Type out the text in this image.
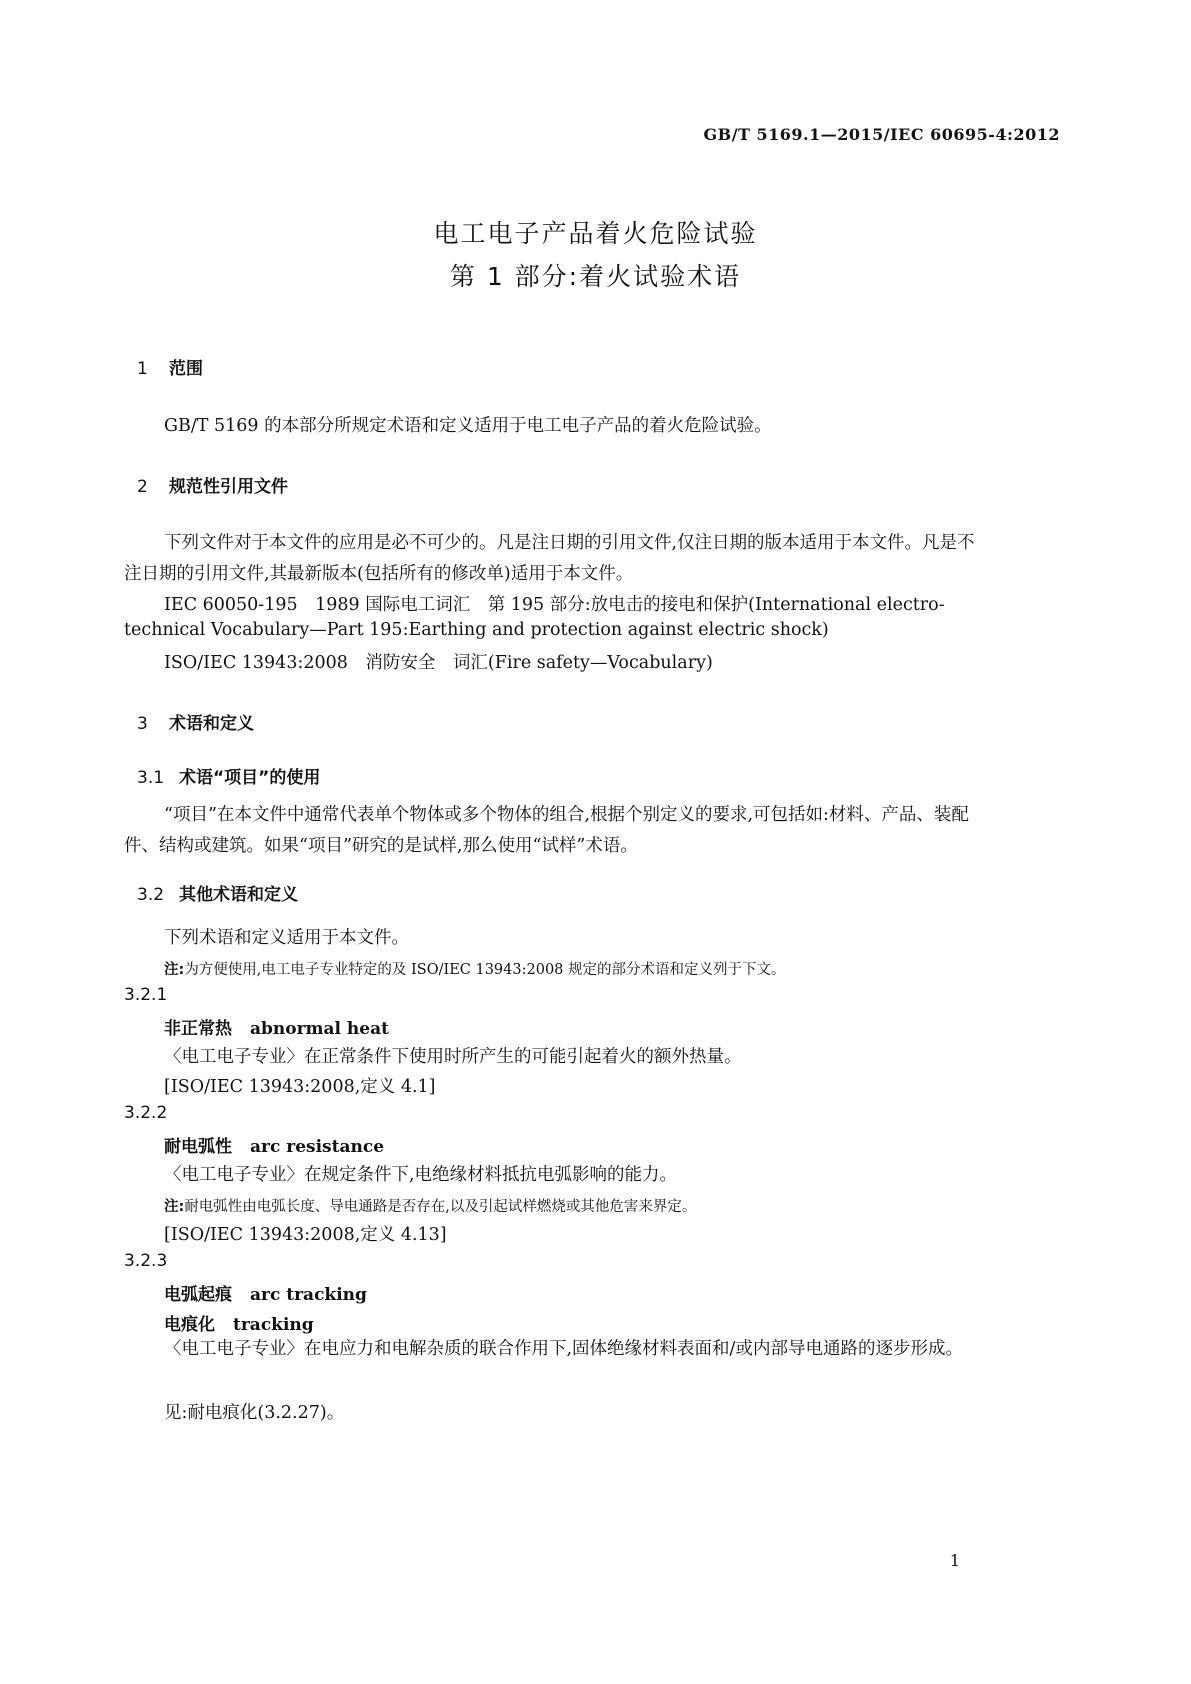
GB/T 5169.1—2015/IEC 60695-4:2012
电工电子产品着火危险试验
第 1 部分:着火试验术语
1 范围
GB/T 5169 的本部分所规定术语和定义适用于电工电子产品的着火危险试验。
2 规范性引用文件
下列文件对于本文件的应用是必不可少的。凡是注日期的引用文件,仅注日期的版本适用于本文件。凡是不注日期的引用文件,其最新版本(包括所有的修改单)适用于本文件。
IEC 60050-195　1989 国际电工词汇　第 195 部分:放电击的接电和保护(International electro-
technical Vocabulary—Part 195:Earthing and protection against electric shock)
ISO/IEC 13943:2008　消防安全　词汇(Fire safety—Vocabulary)
3 术语和定义
3.1 术语“项目”的使用
“项目”在本文件中通常代表单个物体或多个物体的组合,根据个别定义的要求,可包括如:材料、产品、装配件、结构或建筑。如果“项目”研究的是试样,那么使用“试样”术语。
3.2 其他术语和定义
下列术语和定义适用于本文件。
注:为方便使用,电工电子专业特定的及 ISO/IEC 13943:2008 规定的部分术语和定义列于下文。
3.2.1
非正常热 abnormal heat
〈电工电子专业〉在正常条件下使用时所产生的可能引起着火的额外热量。
[ISO/IEC 13943:2008,定义 4.1]
3.2.2
耐电弧性 arc resistance
〈电工电子专业〉在规定条件下,电绝缘材料抵抗电弧影响的能力。
注:耐电弧性由电弧长度、导电通路是否存在,以及引起试样燃烧或其他危害来界定。
[ISO/IEC 13943:2008,定义 4.13]
3.2.3
电弧起痕 arc tracking
电痕化 tracking
〈电工电子专业〉在电应力和电解杂质的联合作用下,固体绝缘材料表面和/或内部导电通路的逐步形成。
见:耐电痕化(3.2.27)。
1
